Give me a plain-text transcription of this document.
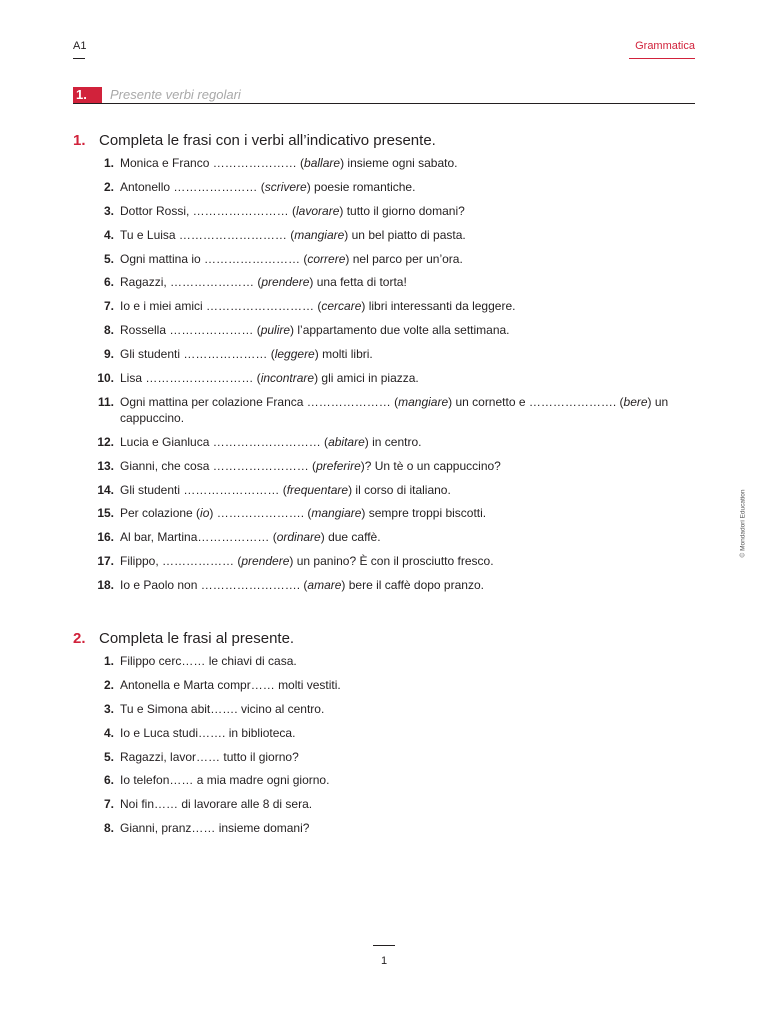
A1	Grammatica
1.	Presente verbi regolari
1. Completa le frasi con i verbi all’indicativo presente.
1. Monica e Franco ………………… (ballare) insieme ogni sabato.
2. Antonello ………………… (scrivere) poesie romantiche.
3. Dottor Rossi, …………………… (lavorare) tutto il giorno domani?
4. Tu e Luisa ……………………… (mangiare) un bel piatto di pasta.
5. Ogni mattina io …………………… (correre) nel parco per un’ora.
6. Ragazzi, ………………… (prendere) una fetta di torta!
7. Io e i miei amici ……………………… (cercare) libri interessanti da leggere.
8. Rossella ………………… (pulire) l’appartamento due volte alla settimana.
9. Gli studenti ………………… (leggere) molti libri.
10. Lisa ……………………… (incontrare) gli amici in piazza.
11. Ogni mattina per colazione Franca ………………… (mangiare) un cornetto e …………………. (bere) un cappuccino.
12. Lucia e Gianluca ……………………… (abitare) in centro.
13. Gianni, che cosa …………………… (preferire)? Un tè o un cappuccino?
14. Gli studenti …………………… (frequentare) il corso di italiano.
15. Per colazione (io) …………………. (mangiare) sempre troppi biscotti.
16. Al bar, Martina……………… (ordinare) due caffè.
17. Filippo, ……………… (prendere) un panino? È con il prosciutto fresco.
18. Io e Paolo non ……………………. (amare) bere il caffè dopo pranzo.
2. Completa le frasi al presente.
1. Filippo cerc…… le chiavi di casa.
2. Antonella e Marta compr…… molti vestiti.
3. Tu e Simona abit……. vicino al centro.
4. Io e Luca studi……. in biblioteca.
5. Ragazzi, lavor…… tutto il giorno?
6. Io telefon…… a mia madre ogni giorno.
7. Noi fin…… di lavorare alle 8 di sera.
8. Gianni, pranz…… insieme domani?
© Mondadori Education
1
